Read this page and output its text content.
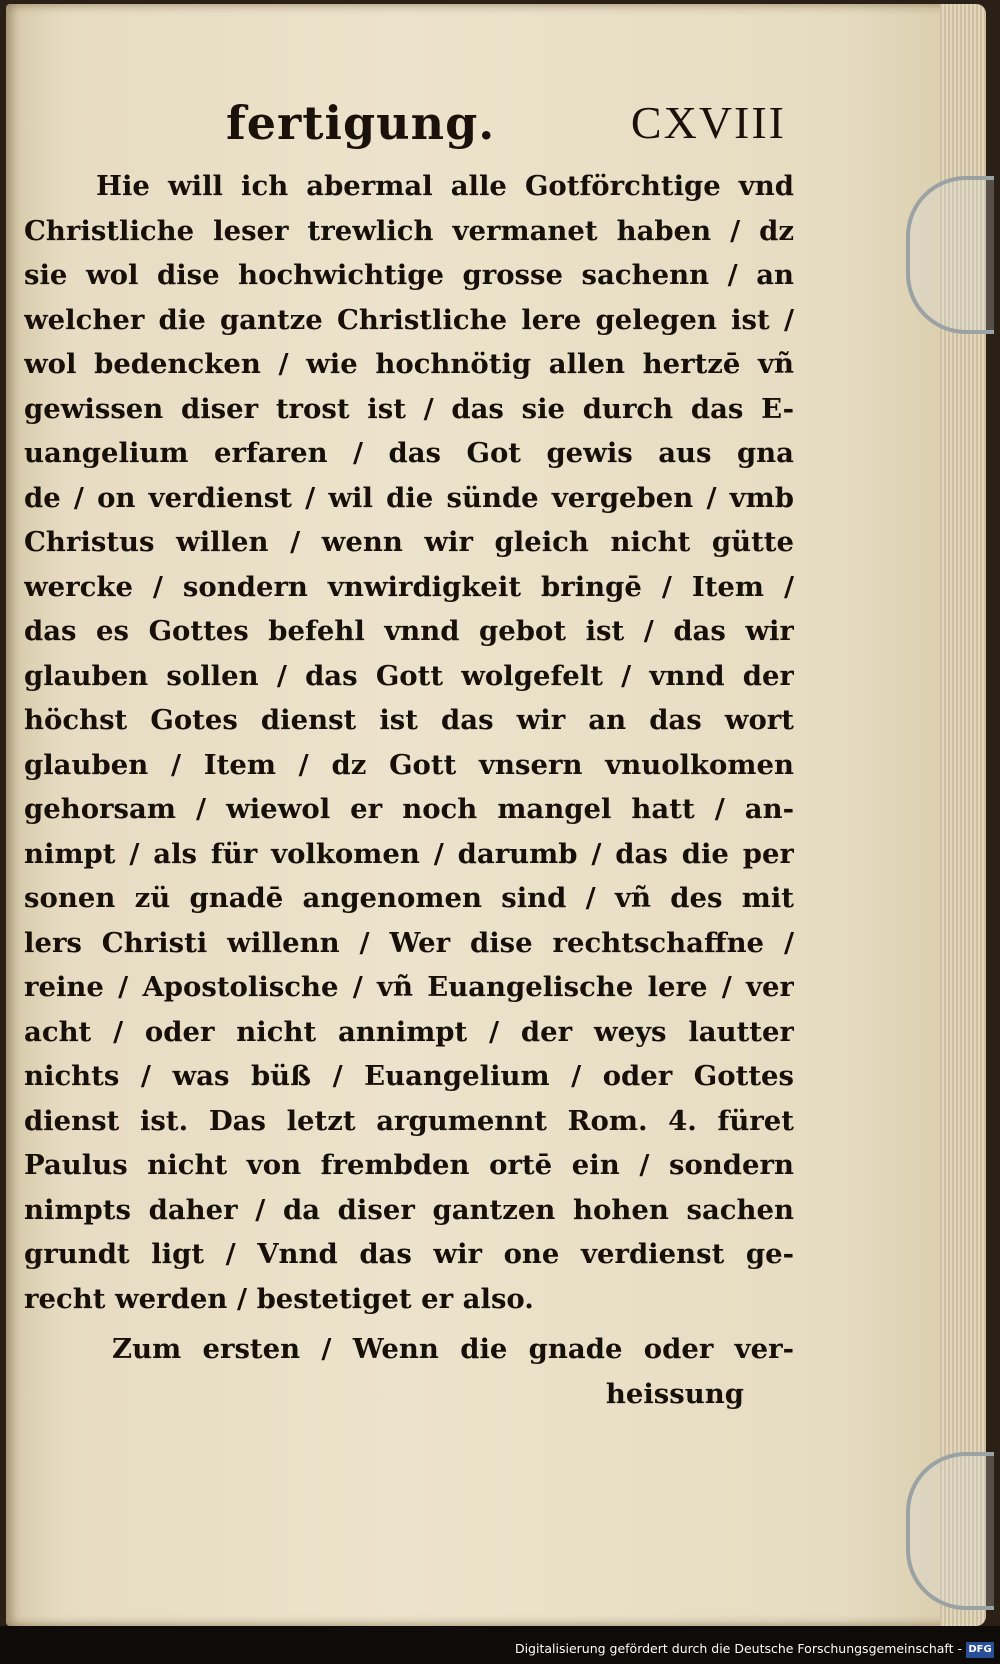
fertigung.	CXVIII
Hie will ich abermal alle Gotförchtige vnd
Christliche leser trewlich vermanet haben / dz
sie wol dise hochwichtige grosse sachenn / an
welcher die gantze Christliche lere gelegen ist /
wol bedencken / wie hochnötig allen hertzē vñ
gewissen diser trost ist / das sie durch das E-
uangelium erfaren / das Got gewis aus gna
de / on verdienst / wil die sünde vergeben / vmb
Christus willen / wenn wir gleich nicht gütte
wercke / sondern vnwirdigkeit bringē / Item /
das es Gottes befehl vnnd gebot ist / das wir
glauben sollen / das Gott wolgefelt / vnnd der
höchst Gotes dienst ist das wir an das wort
glauben / Item / dz Gott vnsern vnuolkomen
gehorsam / wiewol er noch mangel hatt / an-
nimpt / als für volkomen / darumb / das die per
sonen zü gnadē angenomen sind / vñ des mit
lers Christi willenn / Wer dise rechtschaffne /
reine / Apostolische / vñ Euangelische lere / ver
acht / oder nicht annimpt / der weys lautter
nichts / was büß / Euangelium / oder Gottes
dienst ist. Das letzt argumennt Rom. 4. füret
Paulus nicht von frembden ortē ein / sondern
nimpts daher / da diser gantzen hohen sachen
grundt ligt / Vnnd das wir one verdienst ge-
recht werden / bestetiget er also.
Zum ersten / Wenn die gnade oder ver-
heissung
Digitalisierung gefördert durch die Deutsche Forschungsgemeinschaft - DFG
